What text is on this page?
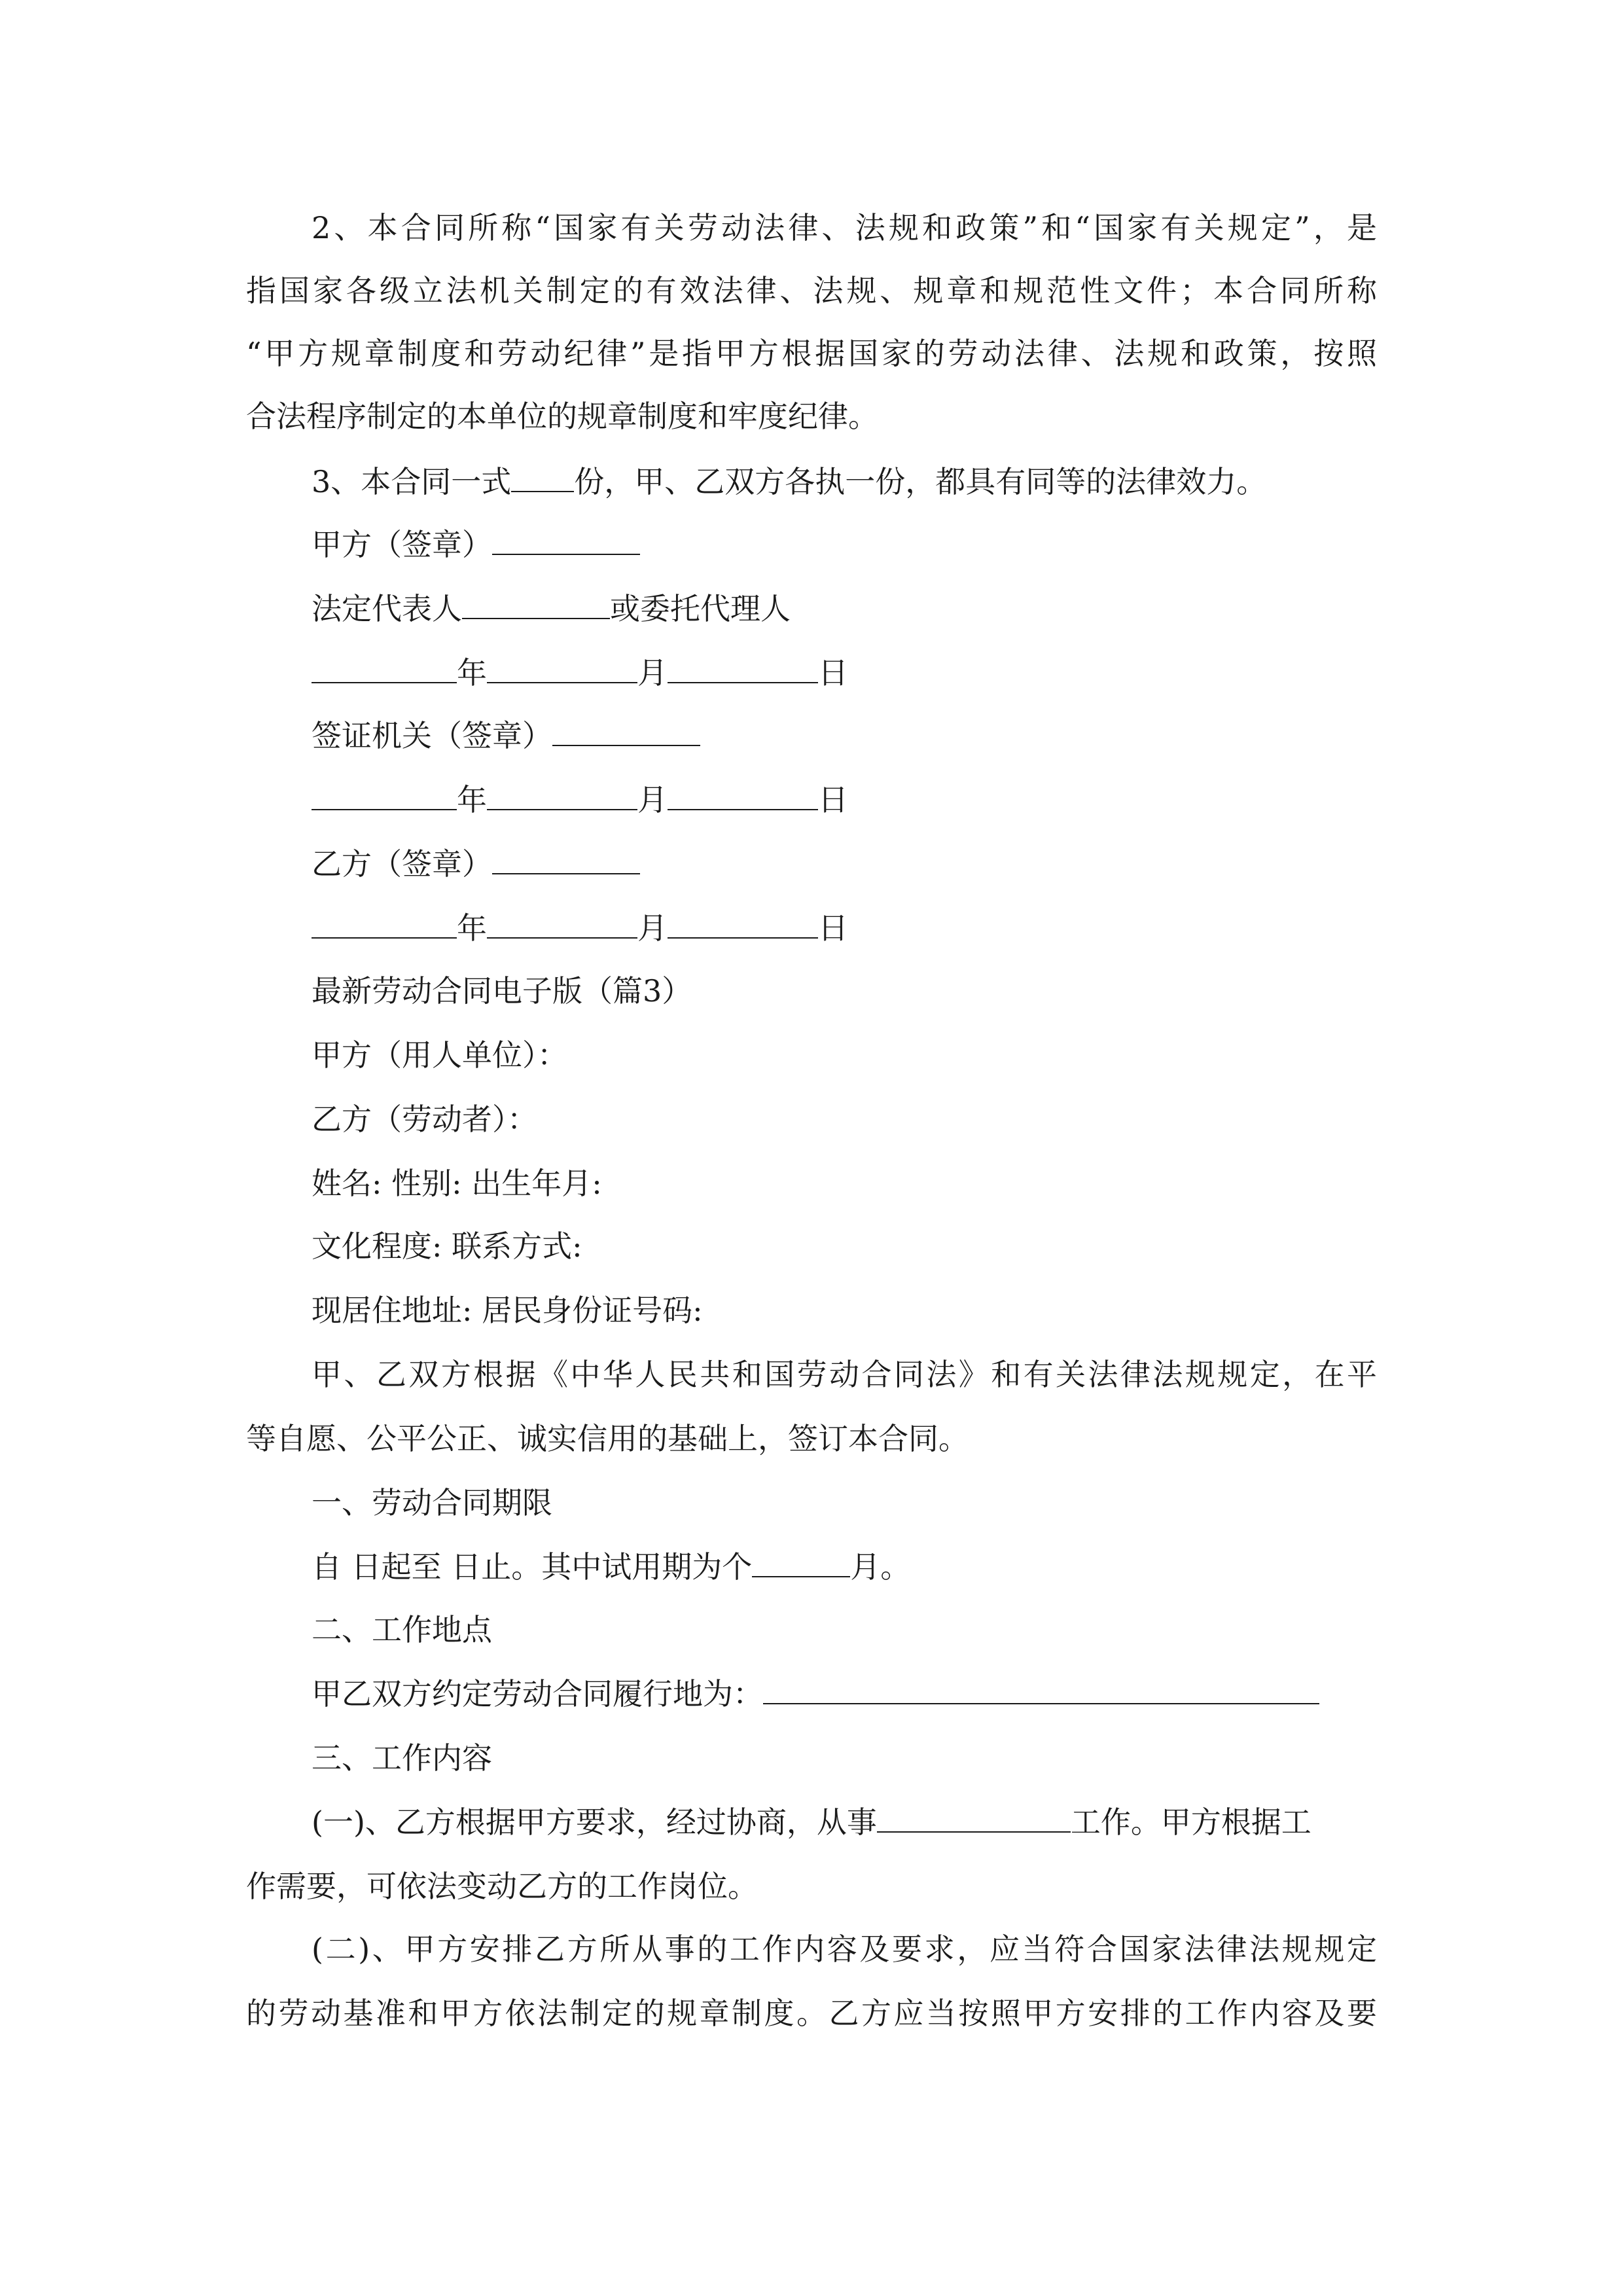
2、本合同所称“国家有关劳动法律、法规和政策”和“国家有关规定”，是
指国家各级立法机关制定的有效法律、法规、规章和规范性文件；本合同所称
“甲方规章制度和劳动纪律”是指甲方根据国家的劳动法律、法规和政策，按照
合法程序制定的本单位的规章制度和牢度纪律。
3、本合同一式 份，甲、乙双方各执一份，都具有同等的法律效力。
甲方（签章）
法定代表人	或委托代理人
年	月	日
签证机关（签章）
年	月	日
乙方（签章）
年	月	日
最新劳动合同电子版（篇3）
甲方（用人单位）：
乙方（劳动者）：
姓名: 性别: 出生年月:
文化程度: 联系方式:
现居住地址: 居民身份证号码:
甲、乙双方根据《中华人民共和国劳动合同法》和有关法律法规规定，在平
等自愿、公平公正、诚实信用的基础上，签订本合同。
一、劳动合同期限
自 日起至 日止。其中试用期为个	月。
二、工作地点
甲乙双方约定劳动合同履行地为：
三、工作内容
(一)、乙方根据甲方要求，经过协商，从事	工作。甲方根据工
作需要，可依法变动乙方的工作岗位。
(二)、甲方安排乙方所从事的工作内容及要求，应当符合国家法律法规规定
的劳动基准和甲方依法制定的规章制度。乙方应当按照甲方安排的工作内容及要
